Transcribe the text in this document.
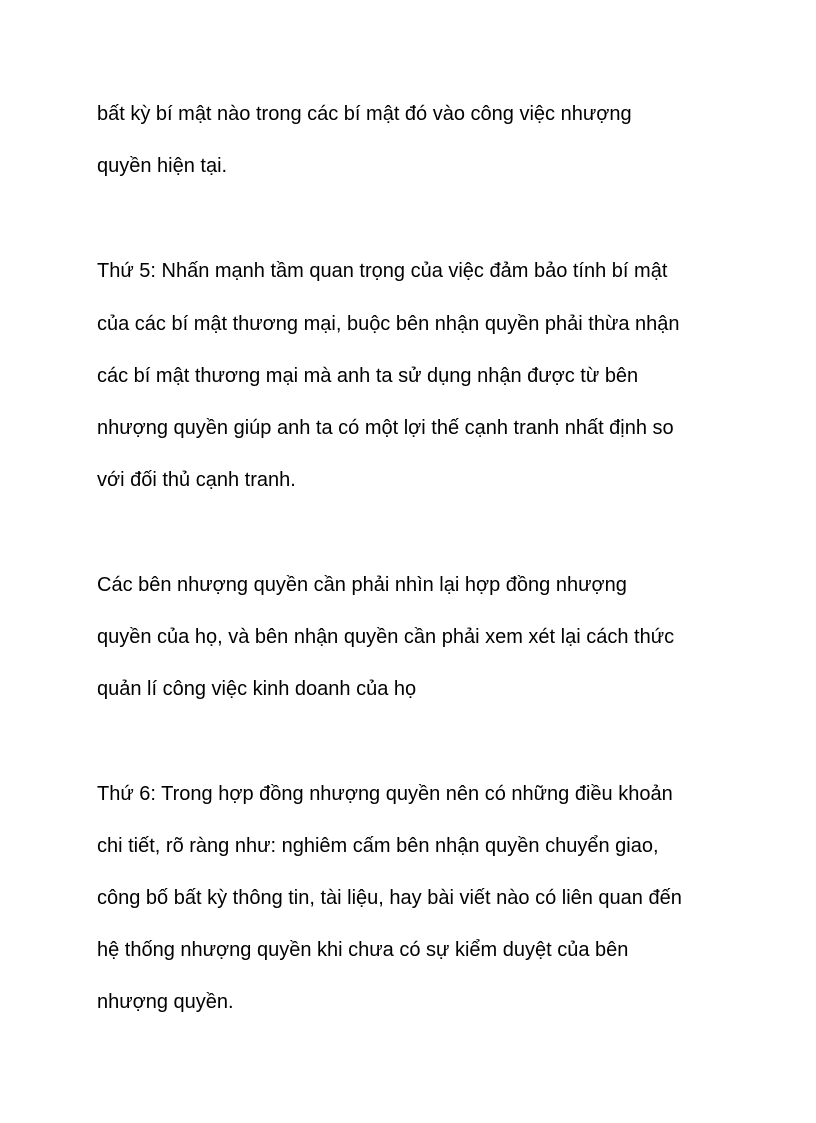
bất kỳ bí mật nào trong các bí mật đó vào công việc nhượng

quyền hiện tại.

Thứ 5: Nhấn mạnh tầm quan trọng của việc đảm bảo tính bí mật

của các bí mật thương mại, buộc bên nhận quyền phải thừa nhận

các bí mật thương mại mà anh ta sử dụng nhận được từ bên

nhượng quyền giúp anh ta có một lợi thế cạnh tranh nhất định so

với đối thủ cạnh tranh.

Các bên nhượng quyền cần phải nhìn lại hợp đồng nhượng

quyền của họ, và bên nhận quyền cần phải xem xét lại cách thức

quản lí công việc kinh doanh của họ

Thứ 6: Trong hợp đồng nhượng quyền nên có những điều khoản

chi tiết, rõ ràng như: nghiêm cấm bên nhận quyền chuyển giao,

công bố bất kỳ thông tin, tài liệu, hay bài viết nào có liên quan đến

hệ thống nhượng quyền khi chưa có sự kiểm duyệt của bên

nhượng quyền.
